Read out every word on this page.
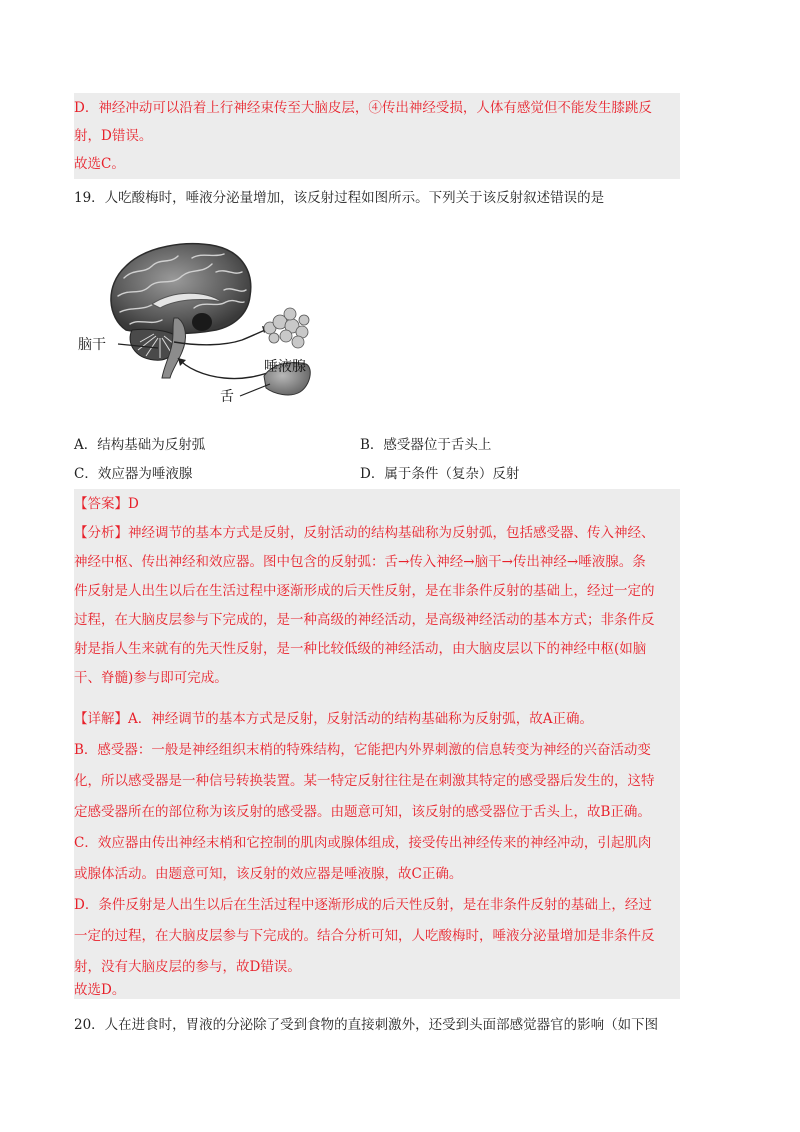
D．神经冲动可以沿着上行神经束传至大脑皮层，④传出神经受损，人体有感觉但不能发生膝跳反
射，D错误。
故选C。
19．人吃酸梅时，唾液分泌量增加，该反射过程如图所示。下列关于该反射叙述错误的是
脑干
唾液腺
舌
A．结构基础为反射弧	B．感受器位于舌头上
C．效应器为唾液腺	D．属于条件（复杂）反射
【答案】D
【分析】神经调节的基本方式是反射，反射活动的结构基础称为反射弧，包括感受器、传入神经、
神经中枢、传出神经和效应器。图中包含的反射弧：舌→传入神经→脑干→传出神经→唾液腺。条
件反射是人出生以后在生活过程中逐渐形成的后天性反射，是在非条件反射的基础上，经过一定的
过程，在大脑皮层参与下完成的，是一种高级的神经活动，是高级神经活动的基本方式；非条件反
射是指人生来就有的先天性反射，是一种比较低级的神经活动，由大脑皮层以下的神经中枢(如脑
干、脊髓)参与即可完成。
【详解】A．神经调节的基本方式是反射，反射活动的结构基础称为反射弧，故A正确。
B．感受器：一般是神经组织末梢的特殊结构，它能把内外界刺激的信息转变为神经的兴奋活动变
化，所以感受器是一种信号转换装置。某一特定反射往往是在刺激其特定的感受器后发生的，这特
定感受器所在的部位称为该反射的感受器。由题意可知，该反射的感受器位于舌头上，故B正确。
C．效应器由传出神经末梢和它控制的肌肉或腺体组成，接受传出神经传来的神经冲动，引起肌肉
或腺体活动。由题意可知，该反射的效应器是唾液腺，故C正确。
D．条件反射是人出生以后在生活过程中逐渐形成的后天性反射，是在非条件反射的基础上，经过
一定的过程，在大脑皮层参与下完成的。结合分析可知，人吃酸梅时，唾液分泌量增加是非条件反
射，没有大脑皮层的参与，故D错误。
故选D。
20．人在进食时，胃液的分泌除了受到食物的直接刺激外，还受到头面部感觉器官的影响（如下图
